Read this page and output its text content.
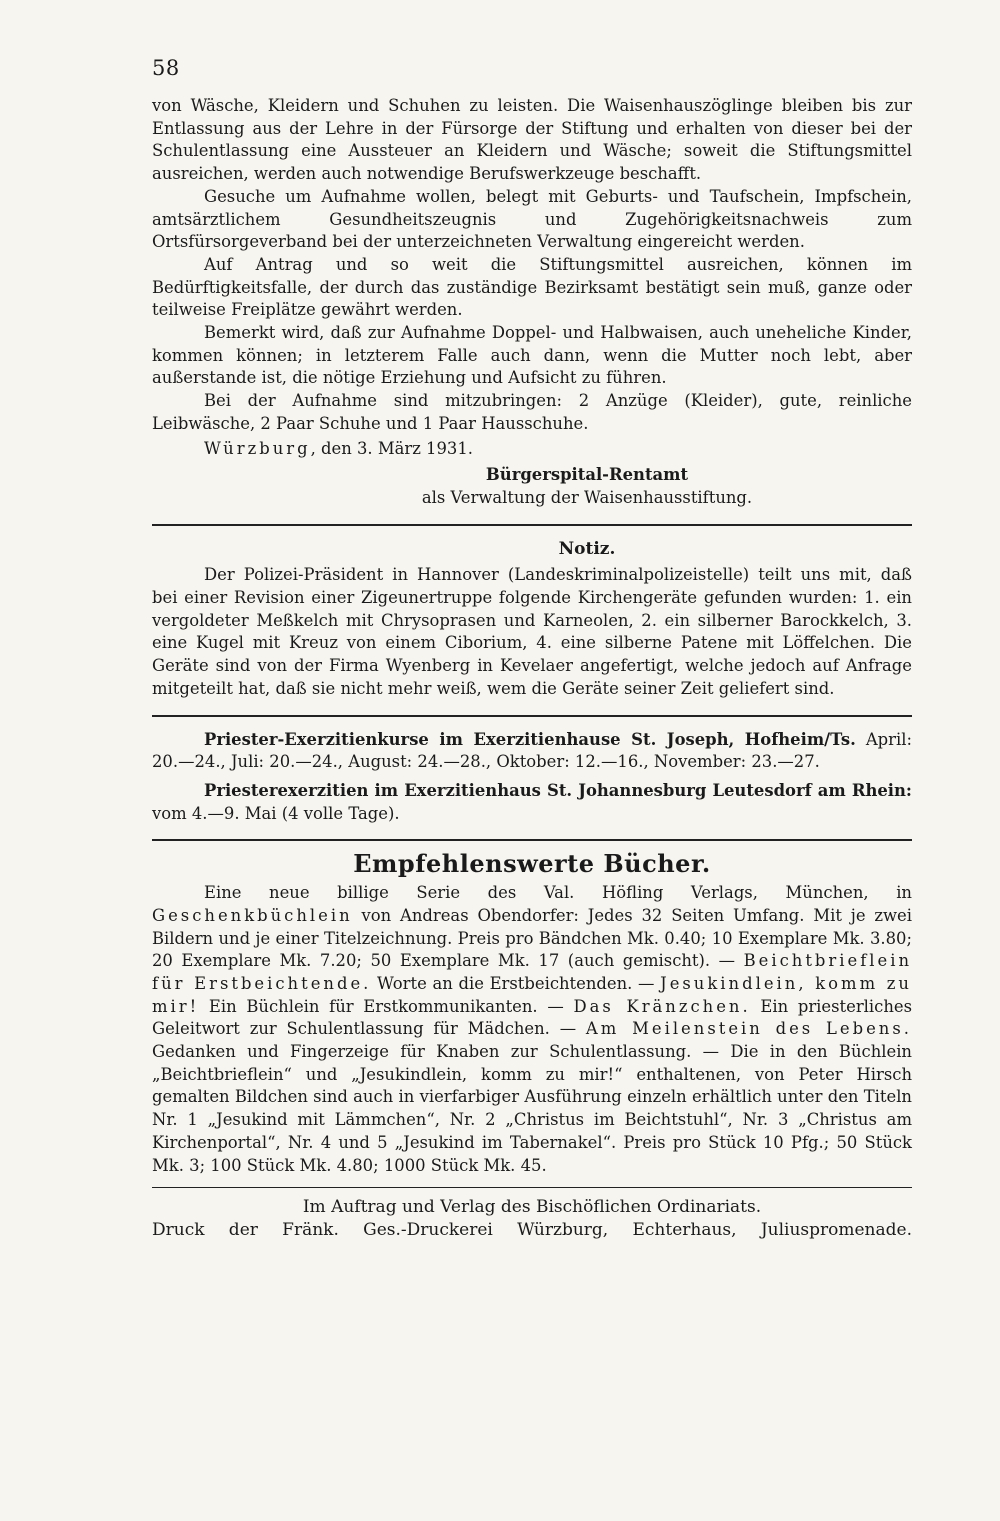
58

von Wäsche, Kleidern und Schuhen zu leisten. Die Waisenhauszöglinge bleiben bis zur Entlassung aus der Lehre in der Fürsorge der Stiftung und erhalten von dieser bei der Schulentlassung eine Aussteuer an Kleidern und Wäsche; soweit die Stiftungsmittel ausreichen, werden auch notwendige Berufswerkzeuge beschafft.

Gesuche um Aufnahme wollen, belegt mit Geburts- und Taufschein, Impfschein, amtsärztlichem Gesundheitszeugnis und Zugehörigkeitsnachweis zum Ortsfürsorgeverband bei der unterzeichneten Verwaltung eingereicht werden.

Auf Antrag und so weit die Stiftungsmittel ausreichen, können im Bedürftigkeitsfalle, der durch das zuständige Bezirksamt bestätigt sein muß, ganze oder teilweise Freiplätze gewährt werden.

Bemerkt wird, daß zur Aufnahme Doppel- und Halbwaisen, auch uneheliche Kinder, kommen können; in letzterem Falle auch dann, wenn die Mutter noch lebt, aber außerstande ist, die nötige Erziehung und Aufsicht zu führen.

Bei der Aufnahme sind mitzubringen: 2 Anzüge (Kleider), gute, reinliche Leibwäsche, 2 Paar Schuhe und 1 Paar Hausschuhe.

Würzburg, den 3. März 1931.

Bürgerspital-Rentamt

als Verwaltung der Waisenhausstiftung.

Notiz.

Der Polizei-Präsident in Hannover (Landeskriminalpolizeistelle) teilt uns mit, daß bei einer Revision einer Zigeunertruppe folgende Kirchengeräte gefunden wurden: 1. ein vergoldeter Meßkelch mit Chrysoprasen und Karneolen, 2. ein silberner Barockkelch, 3. eine Kugel mit Kreuz von einem Ciborium, 4. eine silberne Patene mit Löffelchen. Die Geräte sind von der Firma Wyenberg in Kevelaer angefertigt, welche jedoch auf Anfrage mitgeteilt hat, daß sie nicht mehr weiß, wem die Geräte seiner Zeit geliefert sind.

Priester-Exerzitienkurse im Exerzitienhause St. Joseph, Hofheim/Ts. April: 20.—24., Juli: 20.—24., August: 24.—28., Oktober: 12.—16., November: 23.—27.

Priesterexerzitien im Exerzitienhaus St. Johannesburg Leutesdorf am Rhein: vom 4.—9. Mai (4 volle Tage).

Empfehlenswerte Bücher.

Eine neue billige Serie des Val. Höfling Verlags, München, in Geschenkbüchlein von Andreas Obendorfer: Jedes 32 Seiten Umfang. Mit je zwei Bildern und je einer Titelzeichnung. Preis pro Bändchen Mk. 0.40; 10 Exemplare Mk. 3.80; 20 Exemplare Mk. 7.20; 50 Exemplare Mk. 17 (auch gemischt). — Beichtbrieflein für Erstbeichtende. Worte an die Erstbeichtenden. — Jesukindlein, komm zu mir! Ein Büchlein für Erstkommunikanten. — Das Kränzchen. Ein priesterliches Geleitwort zur Schulentlassung für Mädchen. — Am Meilenstein des Lebens. Gedanken und Fingerzeige für Knaben zur Schulentlassung. — Die in den Büchlein „Beichtbrieflein“ und „Jesukindlein, komm zu mir!“ enthaltenen, von Peter Hirsch gemalten Bildchen sind auch in vierfarbiger Ausführung einzeln erhältlich unter den Titeln Nr. 1 „Jesukind mit Lämmchen“, Nr. 2 „Christus im Beichtstuhl“, Nr. 3 „Christus am Kirchenportal“, Nr. 4 und 5 „Jesukind im Tabernakel“. Preis pro Stück 10 Pfg.; 50 Stück Mk. 3; 100 Stück Mk. 4.80; 1000 Stück Mk. 45.

Im Auftrag und Verlag des Bischöflichen Ordinariats.

Druck der Fränk. Ges.-Druckerei Würzburg, Echterhaus, Juliuspromenade.
